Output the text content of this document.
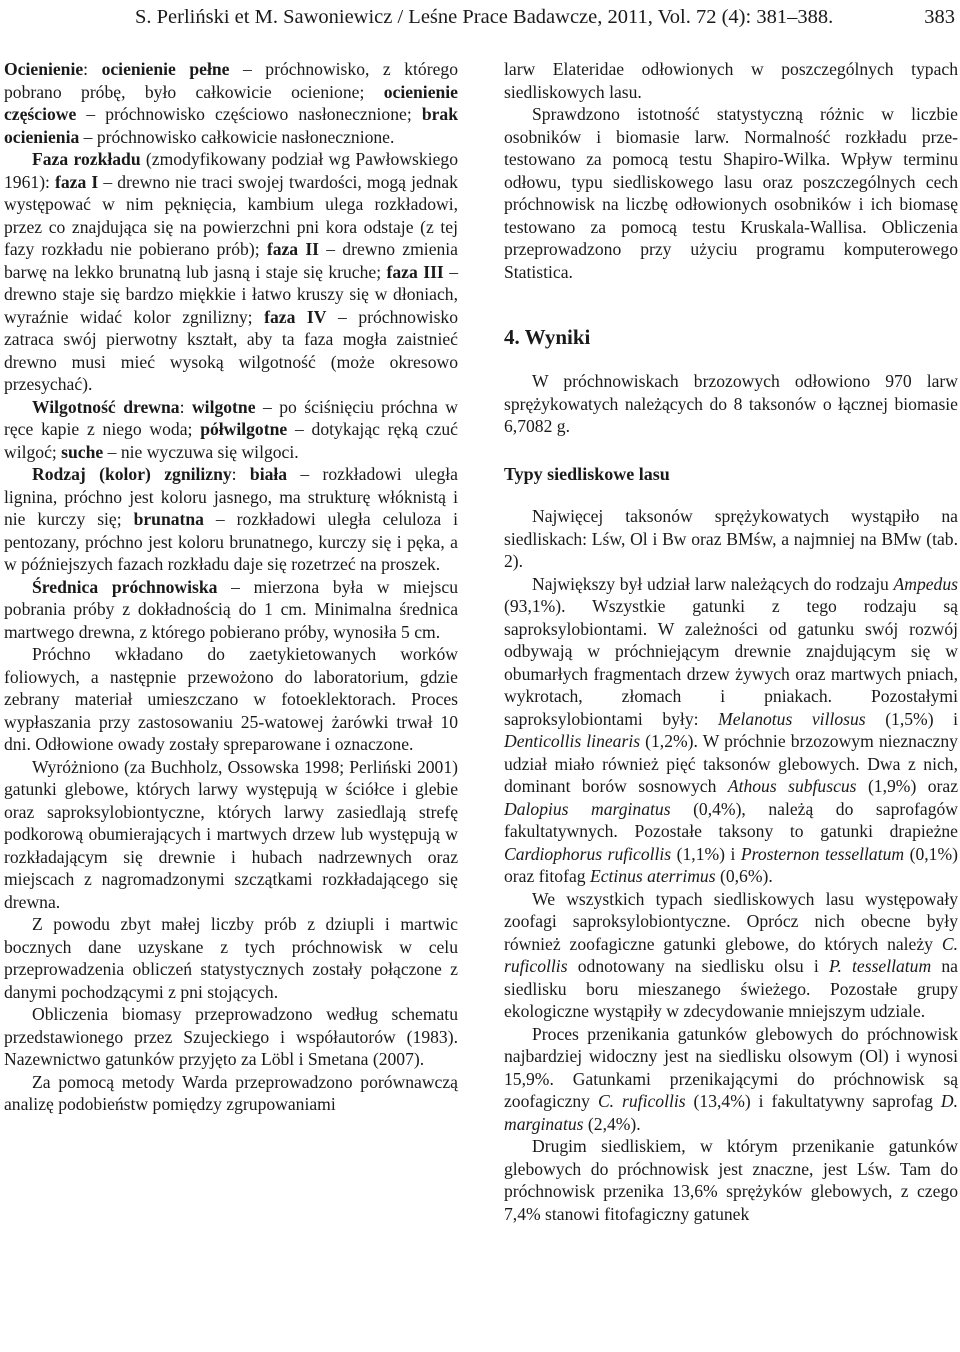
S. Perliński et M. Sawoniewicz / Leśne Prace Badawcze, 2011, Vol. 72 (4): 381–388.	383

Ocienienie: ocienienie pełne – próchnowisko, z którego pobrano próbę, było całkowicie ocienione; ocienienie częściowe – próchnowisko częściowo nasłonecznione; brak ocienienia – próchnowisko całkowicie nasłonecznione.

Faza rozkładu (zmodyfikowany podział wg Pawłowskiego 1961): faza I – drewno nie traci swojej twardości, mogą jednak występować w nim pęknięcia, kambium ulega rozkładowi, przez co znajdująca się na powierzchni pni kora odstaje (z tej fazy rozkładu nie pobierano prób); faza II – drewno zmienia barwę na lekko brunatną lub jasną i staje się kruche; faza III – drewno staje się bardzo miękkie i łatwo kruszy się w dłoniach, wyraźnie widać kolor zgnilizny; faza IV – próchnowisko zatraca swój pierwotny kształt, aby ta faza mogła zaistnieć drewno musi mieć wysoką wilgotność (może okresowo przesychać).

Wilgotność drewna: wilgotne – po ściśnięciu próchna w ręce kapie z niego woda; półwilgotne – dotykając ręką czuć wilgoć; suche – nie wyczuwa się wilgoci.

Rodzaj (kolor) zgnilizny: biała – rozkładowi uległa lignina, próchno jest koloru jasnego, ma strukturę włóknistą i nie kurczy się; brunatna – rozkładowi uległa celuloza i pentozany, próchno jest koloru brunatnego, kurczy się i pęka, a w późniejszych fazach rozkładu daje się rozetrzeć na proszek.

Średnica próchnowiska – mierzona była w miejscu pobrania próby z dokładnością do 1 cm. Minimalna średnica martwego drewna, z którego pobierano próby, wynosiła 5 cm.

Próchno wkładano do zaetykietowanych worków foliowych, a następnie przewożono do laboratorium, gdzie zebrany materiał umieszczano w fotoeklektorach. Proces wypłaszania przy zastosowaniu 25-watowej żarówki trwał 10 dni. Odłowione owady zostały spreparowane i oznaczone.

Wyróżniono (za Buchholz, Ossowska 1998; Perliński 2001) gatunki glebowe, których larwy występują w ściółce i glebie oraz saproksylobiontyczne, których larwy zasiedlają strefę podkorową obumierających i martwych drzew lub występują w rozkładającym się drewnie i hubach nadrzewnych oraz miejscach z nagromadzonymi szczątkami rozkładającego się drewna.

Z powodu zbyt małej liczby prób z dziupli i martwic bocznych dane uzyskane z tych próchnowisk w celu przeprowadzenia obliczeń statystycznych zostały połączone z danymi pochodzącymi z pni stojących.

Obliczenia biomasy przeprowadzono według schematu przedstawionego przez Szujeckiego i współautorów (1983). Nazewnictwo gatunków przyjęto za Löbl i Smetana (2007).

Za pomocą metody Warda przeprowadzono porównawczą analizę podobieństw pomiędzy zgrupowaniami

larw Elateridae odłowionych w poszczególnych typach siedliskowych lasu.

Sprawdzono istotność statystyczną różnic w liczbie osobników i biomasie larw. Normalność rozkładu przetestowano za pomocą testu Shapiro-Wilka. Wpływ terminu odłowu, typu siedliskowego lasu oraz poszczególnych cech próchnowisk na liczbę odłowionych osobników i ich biomasę testowano za pomocą testu Kruskala-Wallisa. Obliczenia przeprowadzono przy użyciu programu komputerowego Statistica.

4. Wyniki

W próchnowiskach brzozowych odłowiono 970 larw sprężykowatych należących do 8 taksonów o łącznej biomasie 6,7082 g.

Typy siedliskowe lasu

Najwięcej taksonów sprężykowatych wystąpiło na siedliskach: Lśw, Ol i Bw oraz BMśw, a najmniej na BMw (tab. 2).

Największy był udział larw należących do rodzaju Ampedus (93,1%). Wszystkie gatunki z tego rodzaju są saproksylobiontami. W zależności od gatunku swój rozwój odbywają w próchniejącym drewnie znajdującym się w obumarłych fragmentach drzew żywych oraz martwych pniach, wykrotach, złomach i pniakach. Pozostałymi saproksylobiontami były: Melanotus villosus (1,5%) i Denticollis linearis (1,2%). W próchnie brzozowym nieznaczny udział miało również pięć taksonów glebowych. Dwa z nich, dominant borów sosnowych Athous subfuscus (1,9%) oraz Dalopius marginatus (0,4%), należą do saprofagów fakultatywnych. Pozostałe taksony to gatunki drapieżne Cardiophorus ruficollis (1,1%) i Prosternon tessellatum (0,1%) oraz fitofag Ectinus aterrimus (0,6%).

We wszystkich typach siedliskowych lasu występowały zoofagi saproksylobiontyczne. Oprócz nich obecne były również zoofagiczne gatunki glebowe, do których należy C. ruficollis odnotowany na siedlisku olsu i P. tessellatum na siedlisku boru mieszanego świeżego. Pozostałe grupy ekologiczne wystąpiły w zdecydowanie mniejszym udziale.

Proces przenikania gatunków glebowych do próchnowisk najbardziej widoczny jest na siedlisku olsowym (Ol) i wynosi 15,9%. Gatunkami przenikającymi do próchnowisk są zoofagiczny C. ruficollis (13,4%) i fakultatywny saprofag D. marginatus (2,4%).

Drugim siedliskiem, w którym przenikanie gatunków glebowych do próchnowisk jest znaczne, jest Lśw. Tam do próchnowisk przenika 13,6% sprężyków glebowych, z czego 7,4% stanowi fitofagiczny gatunek
